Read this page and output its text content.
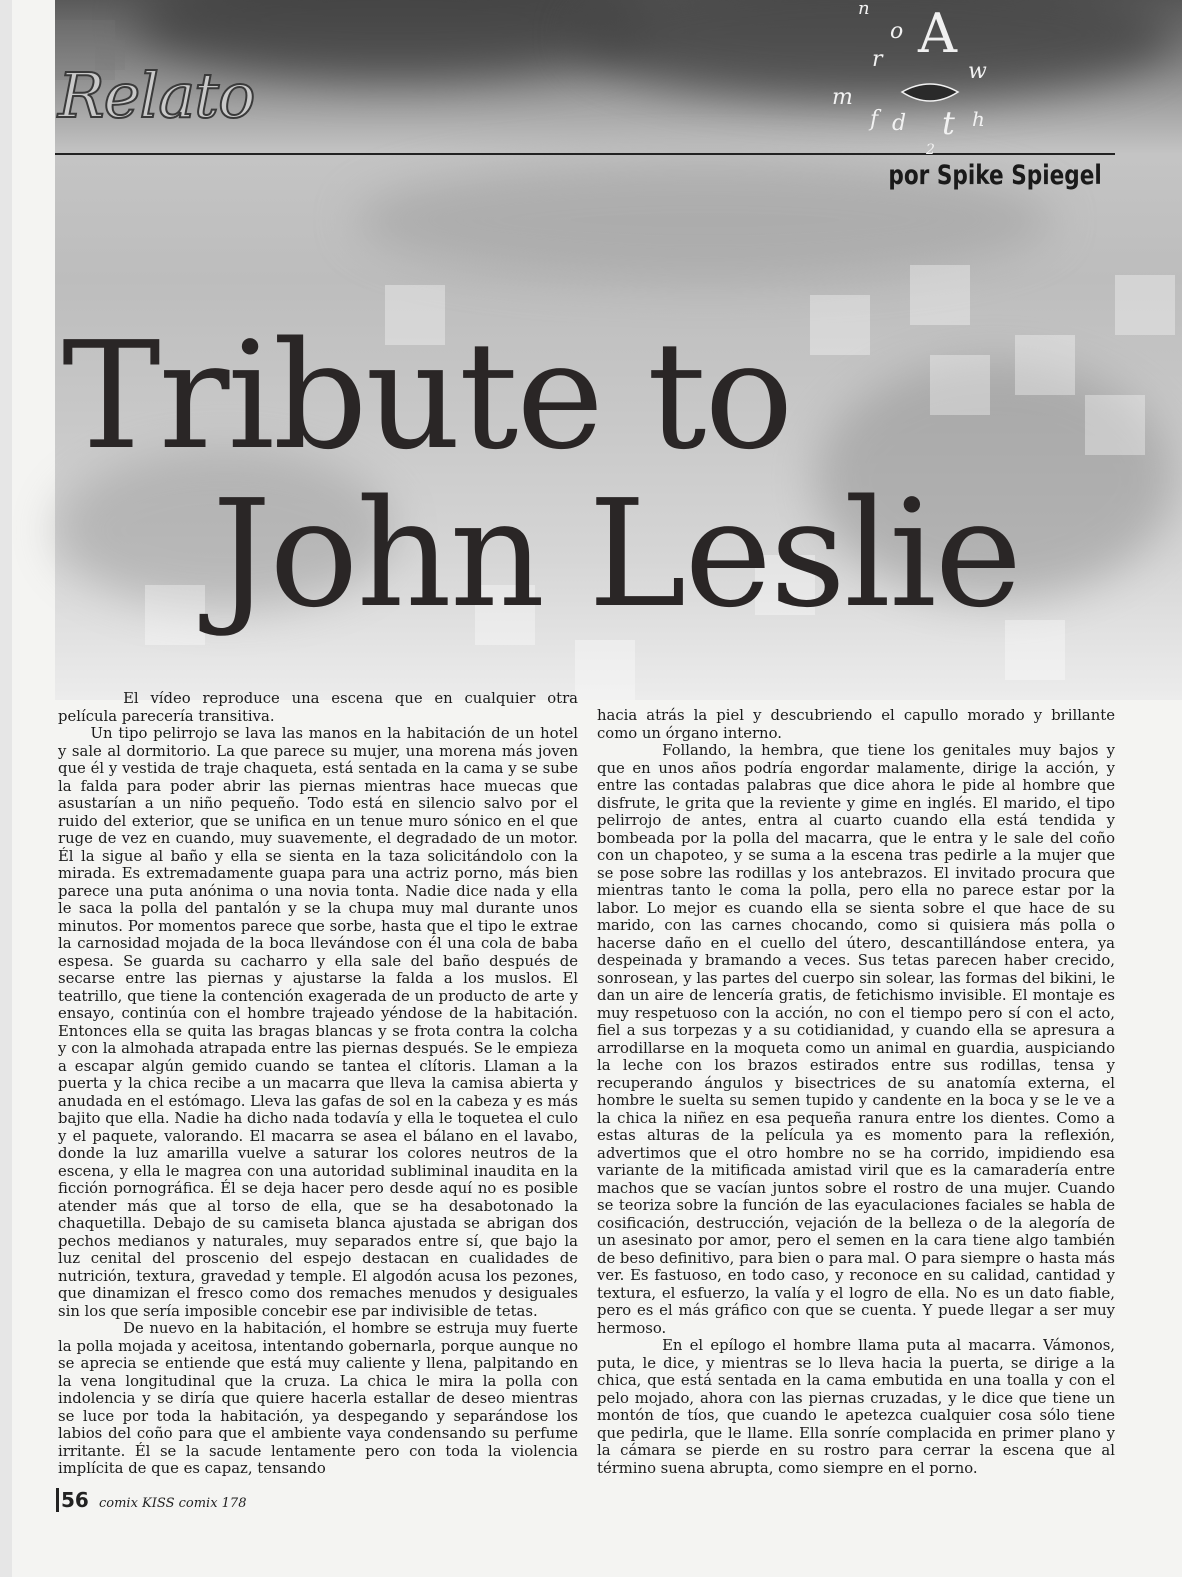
Relato
n
o A
r	w
m
f d t h
2
por Spike Spiegel
Tribute to
John Leslie

El vídeo reproduce una escena que en cualquier otra película parecería transitiva.

Un tipo pelirrojo se lava las manos en la habitación de un hotel y sale al dormitorio. La que parece su mujer, una morena más joven que él y vestida de traje chaqueta, está sentada en la cama y se sube la falda para poder abrir las piernas mientras hace muecas que asustarían a un niño pequeño. Todo está en silencio salvo por el ruido del exterior, que se unifica en un tenue muro sónico en el que ruge de vez en cuando, muy suavemente, el degradado de un motor. Él la sigue al baño y ella se sienta en la taza solicitándolo con la mirada. Es extremadamente guapa para una actriz porno, más bien parece una puta anónima o una novia tonta. Nadie dice nada y ella le saca la polla del pantalón y se la chupa muy mal durante unos minutos. Por momentos parece que sorbe, hasta que el tipo le extrae la carnosidad mojada de la boca llevándose con él una cola de baba espesa. Se guarda su cacharro y ella sale del baño después de secarse entre las piernas y ajustarse la falda a los muslos. El teatrillo, que tiene la contención exagerada de un producto de arte y ensayo, continúa con el hombre trajeado yéndose de la habitación. Entonces ella se quita las bragas blancas y se frota contra la colcha y con la almohada atrapada entre las piernas después. Se le empieza a escapar algún gemido cuando se tantea el clítoris. Llaman a la puerta y la chica recibe a un macarra que lleva la camisa abierta y anudada en el estómago. Lleva las gafas de sol en la cabeza y es más bajito que ella. Nadie ha dicho nada todavía y ella le toquetea el culo y el paquete, valorando. El macarra se asea el bálano en el lavabo, donde la luz amarilla vuelve a saturar los colores neutros de la escena, y ella le magrea con una autoridad subliminal inaudita en la ficción pornográfica. Él se deja hacer pero desde aquí no es posible atender más que al torso de ella, que se ha desabotonado la chaquetilla. Debajo de su camiseta blanca ajustada se abrigan dos pechos medianos y naturales, muy separados entre sí, que bajo la luz cenital del proscenio del espejo destacan en cualidades de nutrición, textura, gravedad y temple. El algodón acusa los pezones, que dinamizan el fresco como dos remaches menudos y desiguales sin los que sería imposible concebir ese par indivisible de tetas.

De nuevo en la habitación, el hombre se estruja muy fuerte la polla mojada y aceitosa, intentando gobernarla, porque aunque no se aprecia se entiende que está muy caliente y llena, palpitando en la vena longitudinal que la cruza. La chica le mira la polla con indolencia y se diría que quiere hacerla estallar de deseo mientras se luce por toda la habitación, ya despegando y separándose los labios del coño para que el ambiente vaya condensando su perfume irritante. Él se la sacude lentamente pero con toda la violencia implícita de que es capaz, tensando

hacia atrás la piel y descubriendo el capullo morado y brillante como un órgano interno.

Follando, la hembra, que tiene los genitales muy bajos y que en unos años podría engordar malamente, dirige la acción, y entre las contadas palabras que dice ahora le pide al hombre que disfrute, le grita que la reviente y gime en inglés. El marido, el tipo pelirrojo de antes, entra al cuarto cuando ella está tendida y bombeada por la polla del macarra, que le entra y le sale del coño con un chapoteo, y se suma a la escena tras pedirle a la mujer que se pose sobre las rodillas y los antebrazos. El invitado procura que mientras tanto le coma la polla, pero ella no parece estar por la labor. Lo mejor es cuando ella se sienta sobre el que hace de su marido, con las carnes chocando, como si quisiera más polla o hacerse daño en el cuello del útero, descantillándose entera, ya despeinada y bramando a veces. Sus tetas parecen haber crecido, sonrosean, y las partes del cuerpo sin solear, las formas del bikini, le dan un aire de lencería gratis, de fetichismo invisible. El montaje es muy respetuoso con la acción, no con el tiempo pero sí con el acto, fiel a sus torpezas y a su cotidianidad, y cuando ella se apresura a arrodillarse en la moqueta como un animal en guardia, auspiciando la leche con los brazos estirados entre sus rodillas, tensa y recuperando ángulos y bisectrices de su anatomía externa, el hombre le suelta su semen tupido y candente en la boca y se le ve a la chica la niñez en esa pequeña ranura entre los dientes. Como a estas alturas de la película ya es momento para la reflexión, advertimos que el otro hombre no se ha corrido, impidiendo esa variante de la mitificada amistad viril que es la camaradería entre machos que se vacían juntos sobre el rostro de una mujer. Cuando se teoriza sobre la función de las eyaculaciones faciales se habla de cosificación, destrucción, vejación de la belleza o de la alegoría de un asesinato por amor, pero el semen en la cara tiene algo también de beso definitivo, para bien o para mal. O para siempre o hasta más ver. Es fastuoso, en todo caso, y reconoce en su calidad, cantidad y textura, el esfuerzo, la valía y el logro de ella. No es un dato fiable, pero es el más gráfico con que se cuenta. Y puede llegar a ser muy hermoso.

En el epílogo el hombre llama puta al macarra. Vámonos, puta, le dice, y mientras se lo lleva hacia la puerta, se dirige a la chica, que está sentada en la cama embutida en una toalla y con el pelo mojado, ahora con las piernas cruzadas, y le dice que tiene un montón de tíos, que cuando le apetezca cualquier cosa sólo tiene que pedirla, que le llame. Ella sonríe complacida en primer plano y la cámara se pierde en su rostro para cerrar la escena que al término suena abrupta, como siempre en el porno.

56 comix KISS comix 178
